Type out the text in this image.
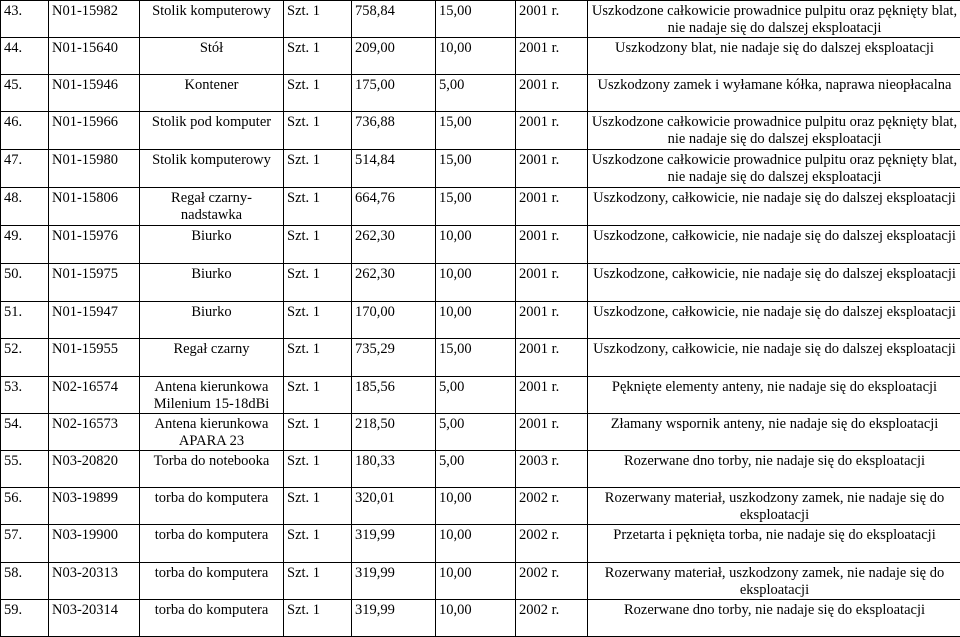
43.	N01-15982	Stolik komputerowy	Szt. 1	758,84	15,00	2001 r.	Uszkodzone całkowicie prowadnice pulpitu oraz pęknięty blat, nie nadaje się do dalszej eksploatacji
44.	N01-15640	Stół	Szt. 1	209,00	10,00	2001 r.	Uszkodzony blat, nie nadaje się do dalszej eksploatacji
45.	N01-15946	Kontener	Szt. 1	175,00	5,00	2001 r.	Uszkodzony zamek i wyłamane kółka, naprawa nieopłacalna
46.	N01-15966	Stolik pod komputer	Szt. 1	736,88	15,00	2001 r.	Uszkodzone całkowicie prowadnice pulpitu oraz pęknięty blat, nie nadaje się do dalszej eksploatacji
47.	N01-15980	Stolik komputerowy	Szt. 1	514,84	15,00	2001 r.	Uszkodzone całkowicie prowadnice pulpitu oraz pęknięty blat, nie nadaje się do dalszej eksploatacji
48.	N01-15806	Regał czarny-nadstawka	Szt. 1	664,76	15,00	2001 r.	Uszkodzony, całkowicie, nie nadaje się do dalszej eksploatacji
49.	N01-15976	Biurko	Szt. 1	262,30	10,00	2001 r.	Uszkodzone, całkowicie, nie nadaje się do dalszej eksploatacji
50.	N01-15975	Biurko	Szt. 1	262,30	10,00	2001 r.	Uszkodzone, całkowicie, nie nadaje się do dalszej eksploatacji
51.	N01-15947	Biurko	Szt. 1	170,00	10,00	2001 r.	Uszkodzone, całkowicie, nie nadaje się do dalszej eksploatacji
52.	N01-15955	Regał czarny	Szt. 1	735,29	15,00	2001 r.	Uszkodzony, całkowicie, nie nadaje się do dalszej eksploatacji
53.	N02-16574	Antena kierunkowa Milenium 15-18dBi	Szt. 1	185,56	5,00	2001 r.	Pęknięte elementy anteny, nie nadaje się do eksploatacji
54.	N02-16573	Antena kierunkowa APARA 23	Szt. 1	218,50	5,00	2001 r.	Złamany wspornik anteny, nie nadaje się do eksploatacji
55.	N03-20820	Torba do notebooka	Szt. 1	180,33	5,00	2003 r.	Rozerwane dno torby, nie nadaje się do eksploatacji
56.	N03-19899	torba do komputera	Szt. 1	320,01	10,00	2002 r.	Rozerwany materiał, uszkodzony zamek, nie nadaje się do eksploatacji
57.	N03-19900	torba do komputera	Szt. 1	319,99	10,00	2002 r.	Przetarta i pęknięta torba, nie nadaje się do eksploatacji
58.	N03-20313	torba do komputera	Szt. 1	319,99	10,00	2002 r.	Rozerwany materiał, uszkodzony zamek, nie nadaje się do eksploatacji
59.	N03-20314	torba do komputera	Szt. 1	319,99	10,00	2002 r.	Rozerwane dno torby, nie nadaje się do eksploatacji
